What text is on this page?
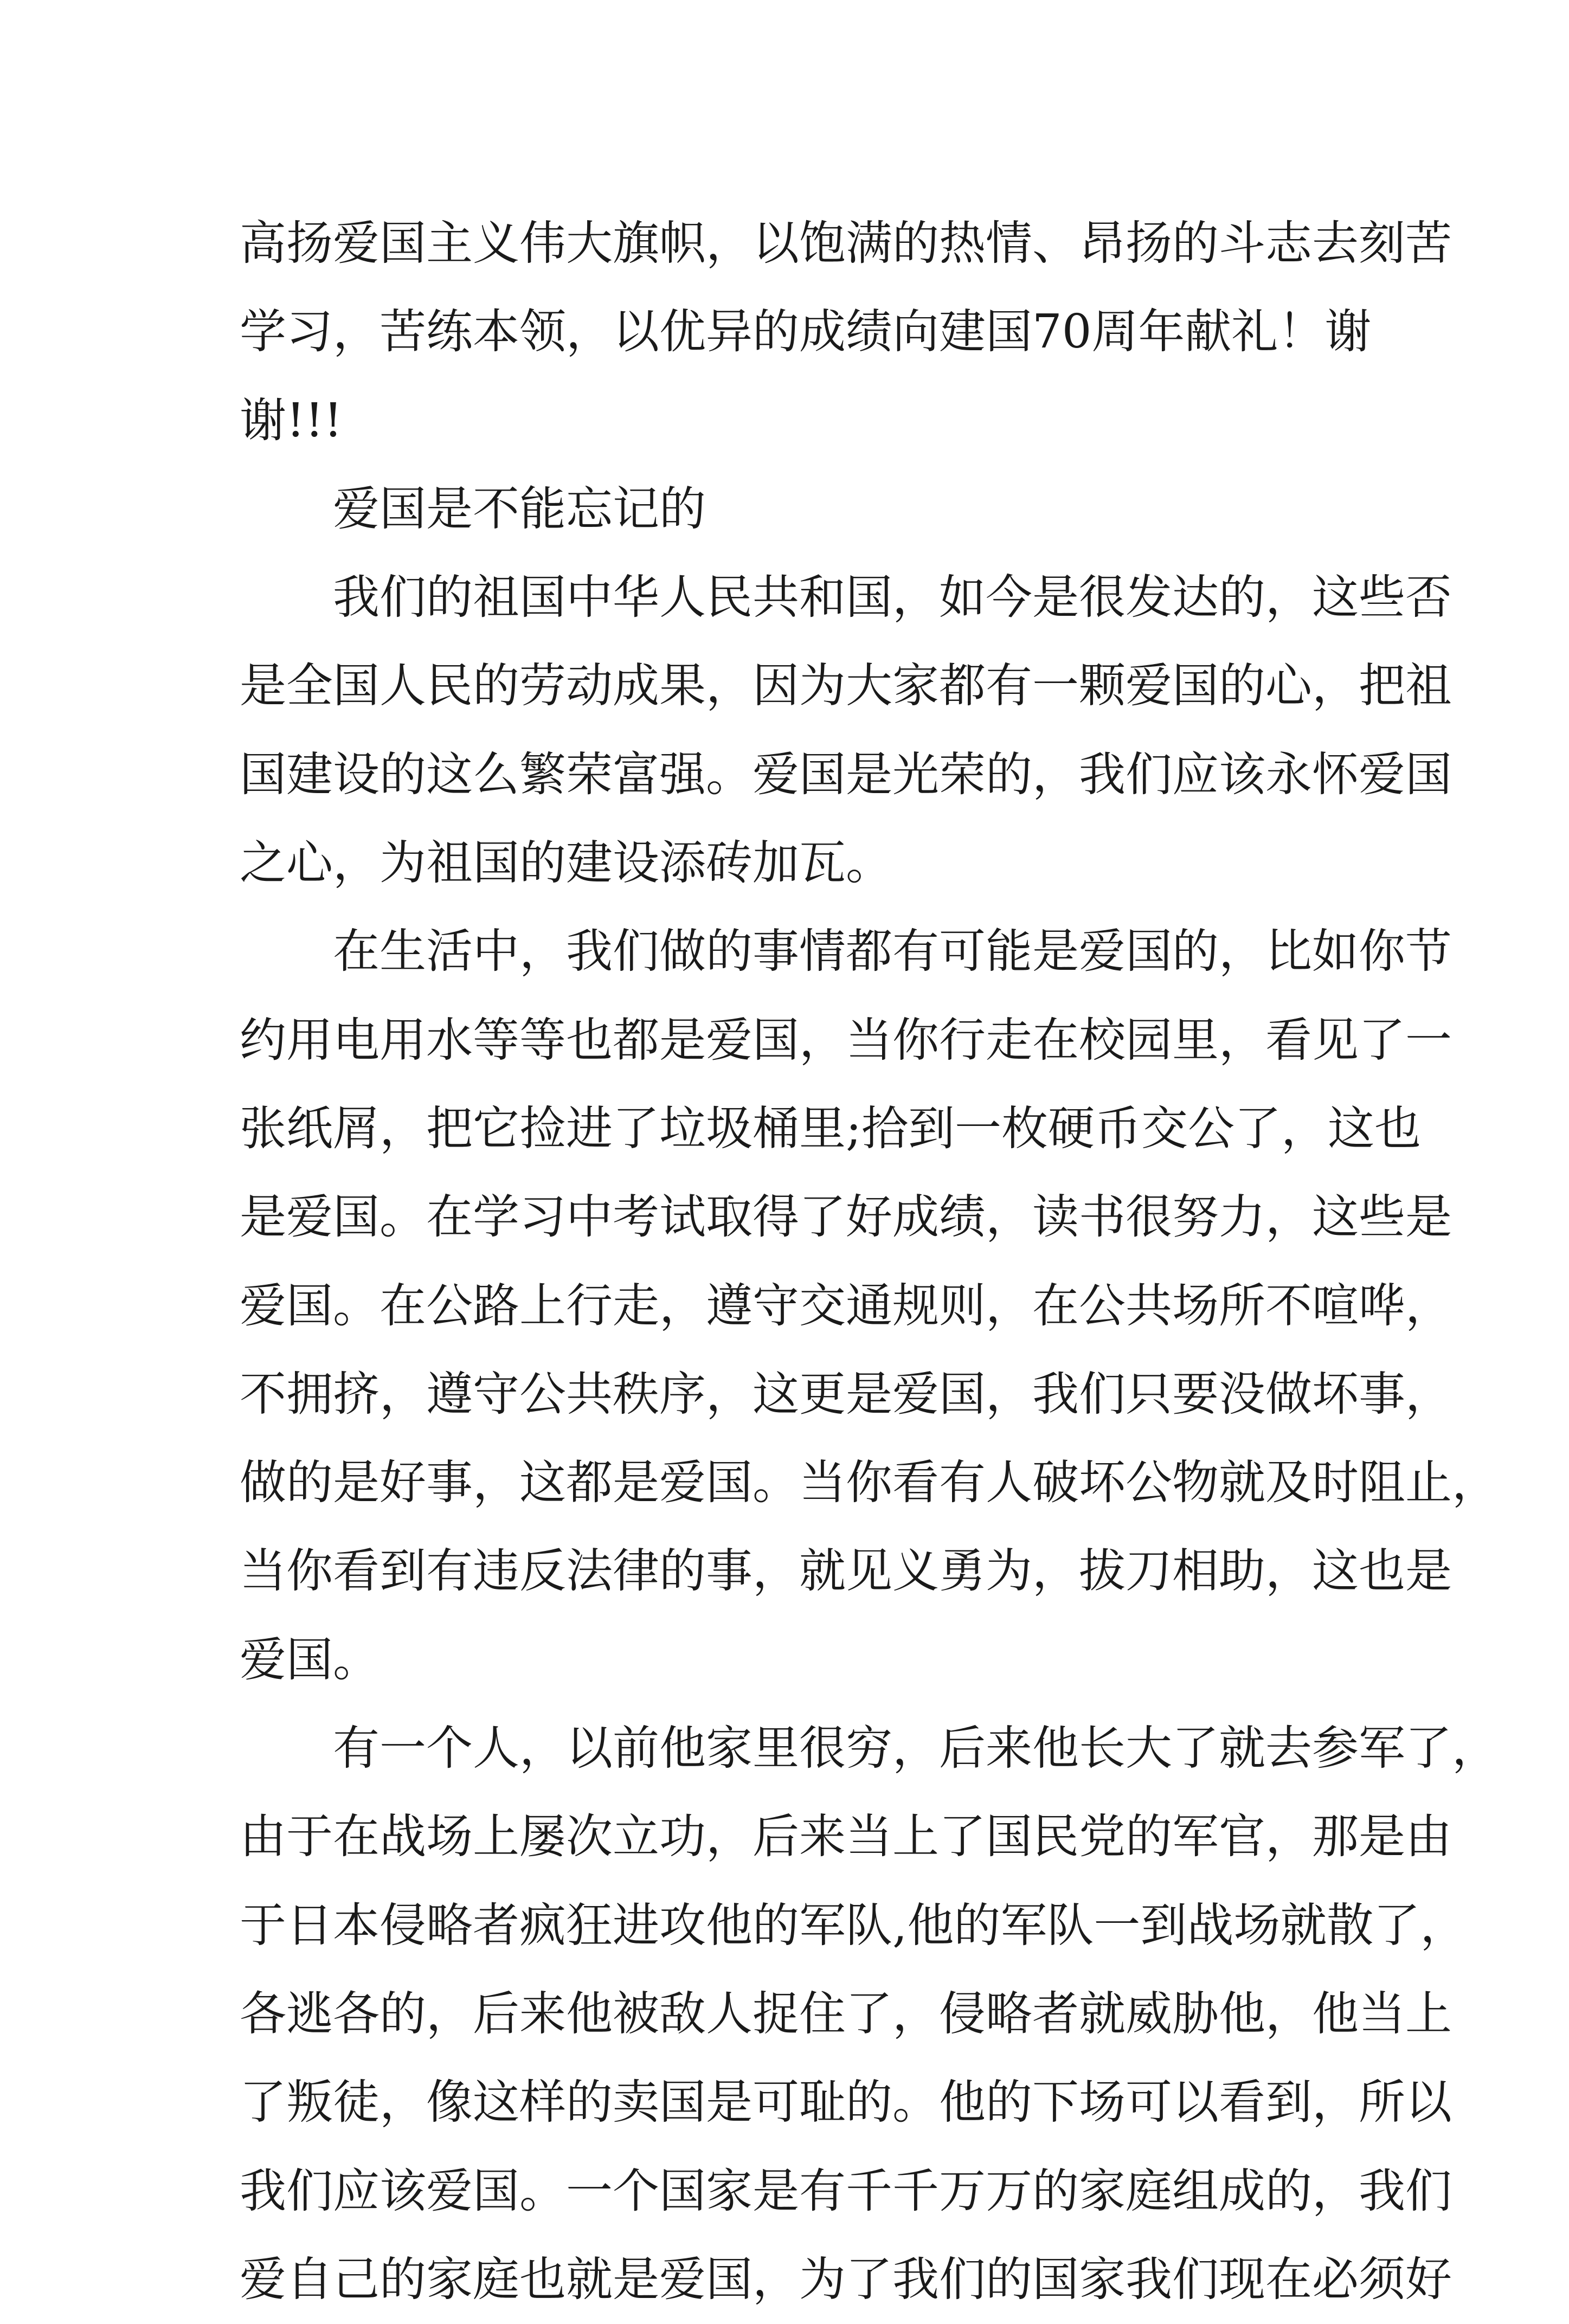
高扬爱国主义伟大旗帜，以饱满的热情、昂扬的斗志去刻苦
学习，苦练本领，以优异的成绩向建国70周年献礼！谢
谢!!!
爱国是不能忘记的
我们的祖国中华人民共和国，如今是很发达的，这些否
是全国人民的劳动成果，因为大家都有一颗爱国的心，把祖
国建设的这么繁荣富强。爱国是光荣的，我们应该永怀爱国
之心，为祖国的建设添砖加瓦。
在生活中，我们做的事情都有可能是爱国的，比如你节
约用电用水等等也都是爱国，当你行走在校园里，看见了一
张纸屑，把它捡进了垃圾桶里;拾到一枚硬币交公了，这也
是爱国。在学习中考试取得了好成绩，读书很努力，这些是
爱国。在公路上行走，遵守交通规则，在公共场所不喧哗，
不拥挤，遵守公共秩序，这更是爱国，我们只要没做坏事，
做的是好事，这都是爱国。当你看有人破坏公物就及时阻止，
当你看到有违反法律的事，就见义勇为，拔刀相助，这也是
爱国。
有一个人，以前他家里很穷，后来他长大了就去参军了，
由于在战场上屡次立功，后来当上了国民党的军官，那是由
于日本侵略者疯狂进攻他的军队,他的军队一到战场就散了，
各逃各的，后来他被敌人捉住了，侵略者就威胁他，他当上
了叛徒，像这样的卖国是可耻的。他的下场可以看到，所以
我们应该爱国。一个国家是有千千万万的家庭组成的，我们
爱自己的家庭也就是爱国，为了我们的国家我们现在必须好
